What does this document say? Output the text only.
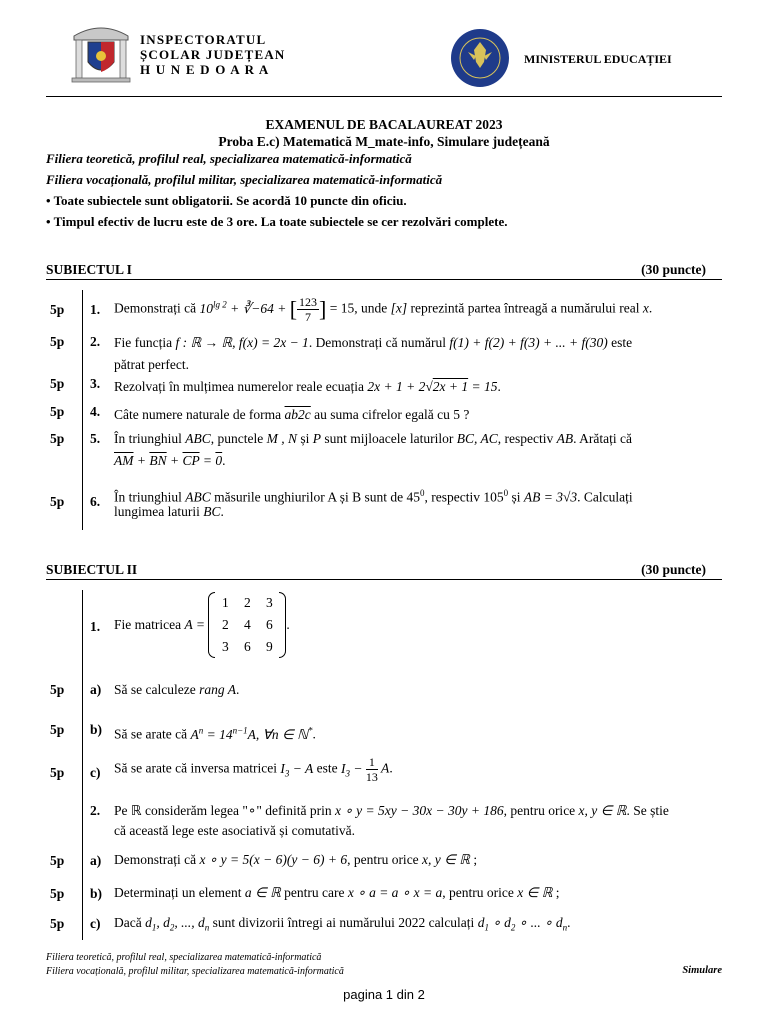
INSPECTORATUL
ȘCOLAR JUDEȚEAN
H U N E D O A R A
MINISTERUL EDUCAȚIEI
EXAMENUL DE BACALAUREAT 2023
Proba E.c) Matematică M_mate-info, Simulare județeană
Filiera teoretică, profilul real, specializarea matematică-informatică
Filiera vocațională, profilul militar, specializarea matematică-informatică
• Toate subiectele sunt obligatorii. Se acordă 10 puncte din oficiu.
• Timpul efectiv de lucru este de 3 ore. La toate subiectele se cer rezolvări complete.
SUBIECTUL I	(30 puncte)
5p 1. Demonstrați că $10^{lg 2}$ + ∛−64 + [ $\frac{123}{7}$ ] = 15, unde [x] reprezintă partea întreagă a numărului real x.
5p 2. Fie funcția f : ℝ → ℝ, f(x) = 2x − 1. Demonstrați că numărul f(1) + f(2) + f(3) + ... + f(30) este
pătrat perfect.
5p 3. Rezolvați în mulțimea numerelor reale ecuația 2x + 1 + 2√2x + 1 = 15.
5p 4. Câte numere naturale de forma ab2c au suma cifrelor egală cu 5 ?
5p 5. În triunghiul ABC, punctele M , N și P sunt mijloacele laturilor BC, AC, respectiv AB. Arătați că
$\overline{AM} + \overline{BN} + \overline{CP} = 0$.
5p 6. În triunghiul ABC măsurile unghiurilor A și B sunt de $45^0$, respectiv $105^0$ și AB = 3√3. Calculați
lungimea laturii BC.
SUBIECTUL II	(30 puncte)
1. Fie matricea A =
1	2	3
2	4	6
3	6	9
.
5p a) Să se calculeze rang A.
5p b) Să se arate că $A^n = 14^{n-1}A$, ∀n ∈ ℕ*.
5p c) Să se arate că inversa matricei $I_3 - A$ este $I_3 - \frac{1}{13} A$.
2. Pe ℝ considerăm legea "∘" definită prin x ∘ y = 5xy − 30x − 30y + 186, pentru orice x, y ∈ ℝ. Se știe
că această lege este asociativă și comutativă.
5p a) Demonstrați că x ∘ y = 5(x − 6)(y − 6) + 6, pentru orice x, y ∈ ℝ ;
5p b) Determinați un element a ∈ ℝ pentru care x ∘ a = a ∘ x = a, pentru orice x ∈ ℝ ;
5p c) Dacă $d_1$, $d_2$, ..., $d_n$ sunt divizorii întregi ai numărului 2022 calculați $d_1$ ∘ $d_2$ ∘ ... ∘ $d_n$.
Filiera teoretică, profilul real, specializarea matematică-informatică
Filiera vocațională, profilul militar, specializarea matematică-informatică	Simulare
pagina 1 din 2
